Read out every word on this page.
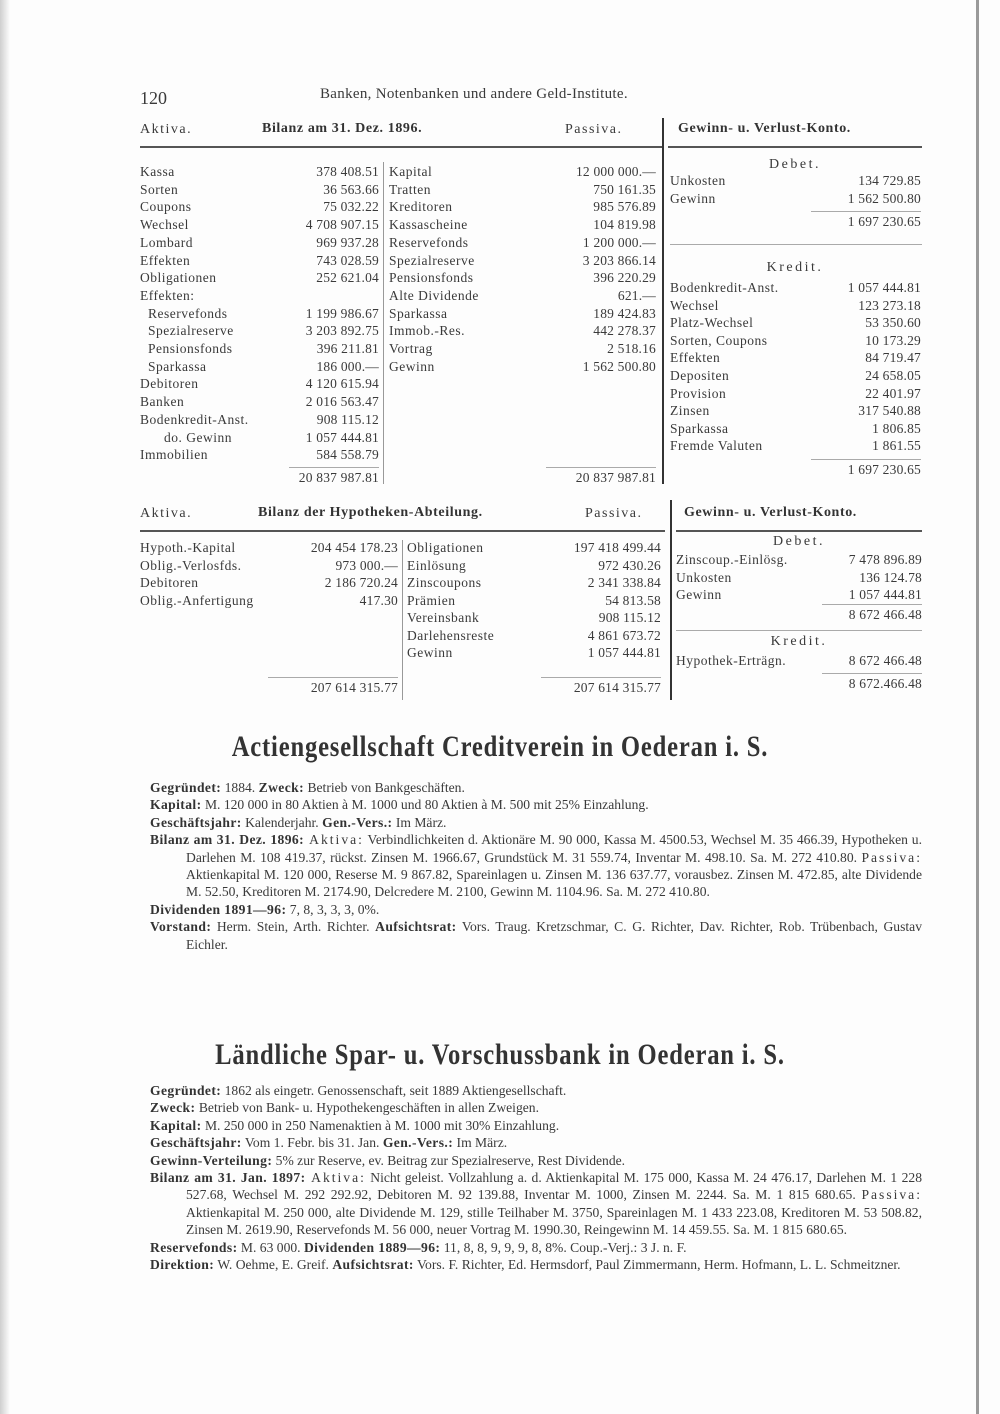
120	Banken, Notenbanken und andere Geld-Institute.
Aktiva.	Bilanz am 31. Dez. 1896.	Passiva.
Kassa	378 408.51
Sorten	36 563.66
Coupons	75 032.22
Wechsel	4 708 907.15
Lombard	969 937.28
Effekten	743 028.59
Obligationen	252 621.04
Effekten:
Reservefonds	1 199 986.67
Spezialreserve	3 203 892.75
Pensionsfonds	396 211.81
Sparkassa	186 000.—
Debitoren	4 120 615.94
Banken	2 016 563.47
Bodenkredit-Anst.	908 115.12
do. Gewinn	1 057 444.81
Immobilien	584 558.79
Kapital	12 000 000.—
Tratten	750 161.35
Kreditoren	985 576.89
Kassascheine	104 819.98
Reservefonds	1 200 000.—
Spezialreserve	3 203 866.14
Pensionsfonds	396 220.29
Alte Dividende	621.—
Sparkassa	189 424.83
Immob.-Res.	442 278.37
Vortrag	2 518.16
Gewinn	1 562 500.80
20 837 987.81	20 837 987.81
Gewinn- u. Verlust-Konto.
Debet.
Unkosten	134 729.85
Gewinn	1 562 500.80
1 697 230.65
Kredit.
Bodenkredit-Anst.	1 057 444.81
Wechsel	123 273.18
Platz-Wechsel	53 350.60
Sorten, Coupons	10 173.29
Effekten	84 719.47
Depositen	24 658.05
Provision	22 401.97
Zinsen	317 540.88
Sparkassa	1 806.85
Fremde Valuten	1 861.55
1 697 230.65
Aktiva.	Bilanz der Hypotheken-Abteilung.	Passiva.
Hypoth.-Kapital	204 454 178.23
Oblig.-Verlosfds.	973 000.—
Debitoren	2 186 720.24
Oblig.-Anfertigung	417.30
Obligationen	197 418 499.44
Einlösung	972 430.26
Zinscoupons	2 341 338.84
Prämien	54 813.58
Vereinsbank	908 115.12
Darlehensreste	4 861 673.72
Gewinn	1 057 444.81
207 614 315.77	207 614 315.77
Gewinn- u. Verlust-Konto.
Debet.
Zinscoup.-Einlösg.	7 478 896.89
Unkosten	136 124.78
Gewinn	1 057 444.81
8 672 466.48
Kredit.
Hypothek-Erträgn.	8 672 466.48
8 672.466.48
Actiengesellschaft Creditverein in Oederan i. S.

Gegründet: 1884. Zweck: Betrieb von Bankgeschäften.

Kapital: M. 120 000 in 80 Aktien à M. 1000 und 80 Aktien à M. 500 mit 25% Einzahlung.

Geschäftsjahr: Kalenderjahr. Gen.-Vers.: Im März.

Bilanz am 31. Dez. 1896: Aktiva: Verbindlichkeiten d. Aktionäre M. 90 000, Kassa M. 4500.53, Wechsel M. 35 466.39, Hypotheken u. Darlehen M. 108 419.37, rückst. Zinsen M. 1966.67, Grundstück M. 31 559.74, Inventar M. 498.10. Sa. M. 272 410.80. Passiva: Aktienkapital M. 120 000, Reserse M. 9 867.82, Spareinlagen u. Zinsen M. 136 637.77, vorausbez. Zinsen M. 472.85, alte Dividende M. 52.50, Kreditoren M. 2174.90, Delcredere M. 2100, Gewinn M. 1104.96. Sa. M. 272 410.80.

Dividenden 1891—96: 7, 8, 3, 3, 3, 0%.

Vorstand: Herm. Stein, Arth. Richter. Aufsichtsrat: Vors. Traug. Kretzschmar, C. G. Richter, Dav. Richter, Rob. Trübenbach, Gustav Eichler.

Ländliche Spar- u. Vorschussbank in Oederan i. S.

Gegründet: 1862 als eingetr. Genossenschaft, seit 1889 Aktiengesellschaft.

Zweck: Betrieb von Bank- u. Hypothekengeschäften in allen Zweigen.

Kapital: M. 250 000 in 250 Namenaktien à M. 1000 mit 30% Einzahlung.

Geschäftsjahr: Vom 1. Febr. bis 31. Jan. Gen.-Vers.: Im März.

Gewinn-Verteilung: 5% zur Reserve, ev. Beitrag zur Spezialreserve, Rest Dividende.

Bilanz am 31. Jan. 1897: Aktiva: Nicht geleist. Vollzahlung a. d. Aktienkapital M. 175 000, Kassa M. 24 476.17, Darlehen M. 1 228 527.68, Wechsel M. 292 292.92, Debitoren M. 92 139.88, Inventar M. 1000, Zinsen M. 2244. Sa. M. 1 815 680.65. Passiva: Aktienkapital M. 250 000, alte Dividende M. 129, stille Teilhaber M. 3750, Spareinlagen M. 1 433 223.08, Kreditoren M. 53 508.82, Zinsen M. 2619.90, Reservefonds M. 56 000, neuer Vortrag M. 1990.30, Reingewinn M. 14 459.55. Sa. M. 1 815 680.65.

Reservefonds: M. 63 000. Dividenden 1889—96: 11, 8, 8, 9, 9, 9, 8, 8%. Coup.-Verj.: 3 J. n. F.

Direktion: W. Oehme, E. Greif. Aufsichtsrat: Vors. F. Richter, Ed. Hermsdorf, Paul Zimmermann, Herm. Hofmann, L. L. Schmeitzner.
